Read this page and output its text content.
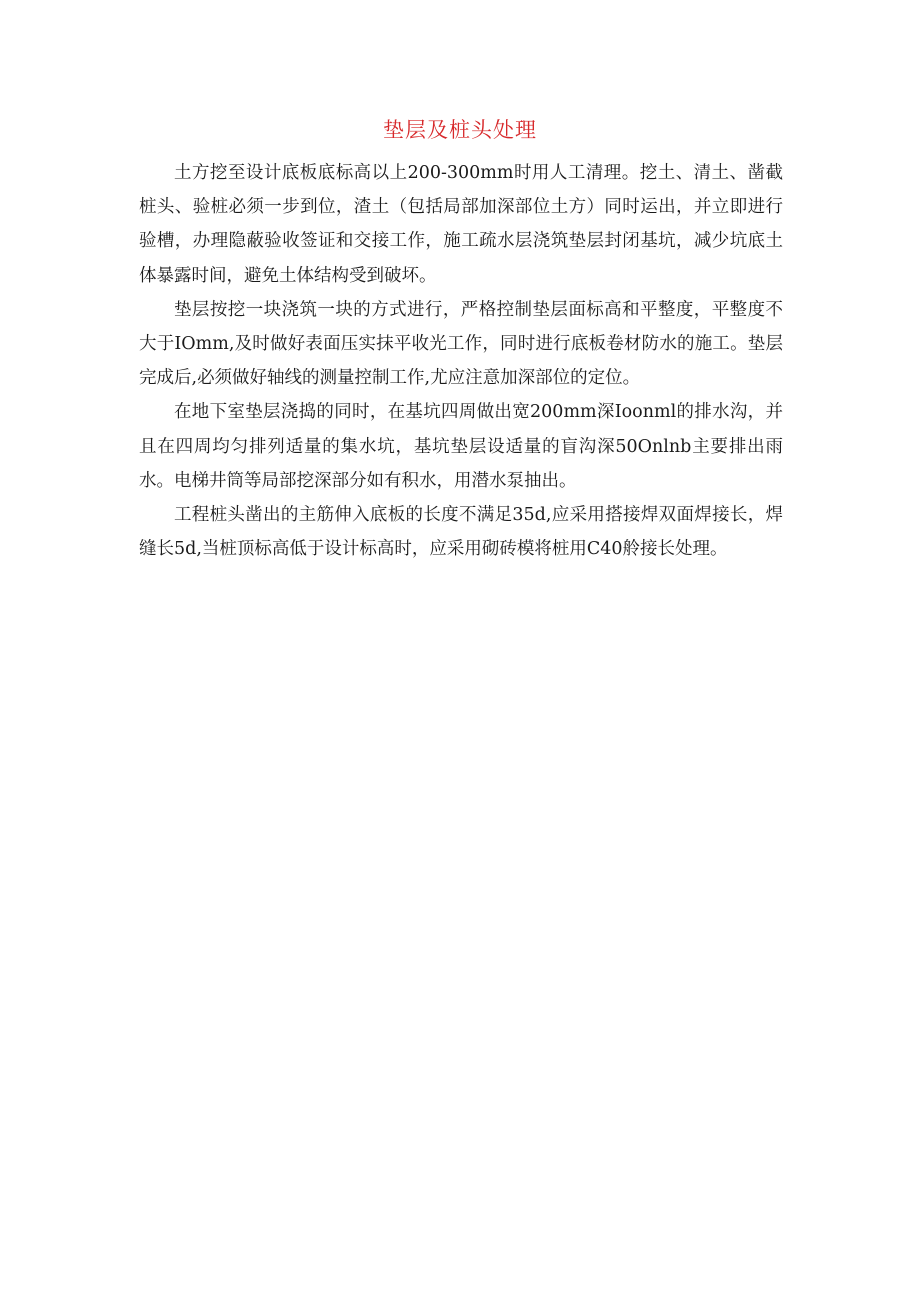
垫层及桩头处理

土方挖至设计底板底标高以上200-300mm时用人工清理。挖土、清土、凿截桩头、验桩必须一步到位，渣土（包括局部加深部位土方）同时运出，并立即进行验槽，办理隐蔽验收签证和交接工作，施工疏水层浇筑垫层封闭基坑，减少坑底土体暴露时间，避免土体结构受到破坏。

垫层按挖一块浇筑一块的方式进行，严格控制垫层面标高和平整度，平整度不大于IOmm,及时做好表面压实抹平收光工作，同时进行底板卷材防水的施工。垫层完成后,必须做好轴线的测量控制工作,尤应注意加深部位的定位。

在地下室垫层浇捣的同时，在基坑四周做出宽200mm深Ioonml的排水沟，并且在四周均匀排列适量的集水坑，基坑垫层设适量的盲沟深50Onlnb主要排出雨水。电梯井筒等局部挖深部分如有积水，用潜水泵抽出。

工程桩头凿出的主筋伸入底板的长度不满足35d,应采用搭接焊双面焊接长，焊缝长5d,当桩顶标高低于设计标高时，应采用砌砖模将桩用C40舲接长处理。
